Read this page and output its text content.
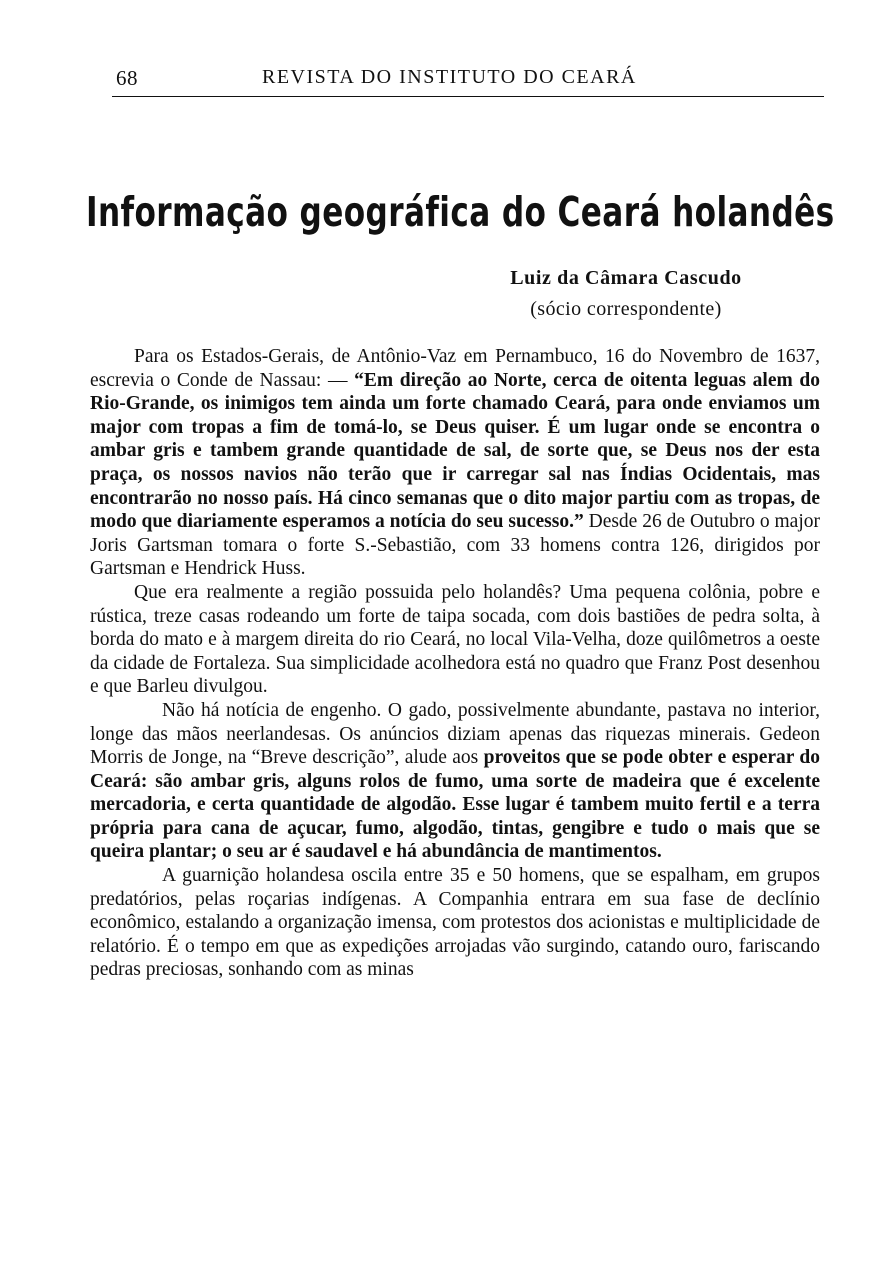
68	REVISTA DO INSTITUTO DO CEARÁ
Informação geográfica do Ceará holandês
Luiz da Câmara Cascudo
(sócio correspondente)

Para os Estados-Gerais, de Antônio-Vaz em Pernambuco, 16 do Novembro de 1637, escrevia o Conde de Nassau: — “Em direção ao Norte, cerca de oitenta leguas alem do Rio-Grande, os inimigos tem ainda um forte chamado Ceará, para onde enviamos um major com tropas a fim de tomá-lo, se Deus quiser. É um lugar onde se encontra o ambar gris e tambem grande quantidade de sal, de sorte que, se Deus nos der esta praça, os nossos navios não terão que ir carregar sal nas Índias Ocidentais, mas encontrarão no nosso país. Há cinco semanas que o dito major partiu com as tropas, de modo que diariamente esperamos a notícia do seu sucesso.” Desde 26 de Outubro o major Joris Gartsman tomara o forte S.-Sebastião, com 33 homens contra 126, dirigidos por Gartsman e Hendrick Huss.

Que era realmente a região possuida pelo holandês? Uma pequena colônia, pobre e rústica, treze casas rodeando um forte de taipa socada, com dois bastiões de pedra solta, à borda do mato e à margem direita do rio Ceará, no local Vila-Velha, doze quilômetros a oeste da cidade de Fortaleza. Sua simplicidade acolhedora está no quadro que Franz Post desenhou e que Barleu divulgou.

Não há notícia de engenho. O gado, possivelmente abundante, pastava no interior, longe das mãos neerlandesas. Os anúncios diziam apenas das riquezas minerais. Gedeon Morris de Jonge, na “Breve descrição”, alude aos proveitos que se pode obter e esperar do Ceará: são ambar gris, alguns rolos de fumo, uma sorte de madeira que é excelente mercadoria, e certa quantidade de algodão. Esse lugar é tambem muito fertil e a terra própria para cana de açucar, fumo, algodão, tintas, gengibre e tudo o mais que se queira plantar; o seu ar é saudavel e há abundância de mantimentos.

A guarnição holandesa oscila entre 35 e 50 homens, que se espalham, em grupos predatórios, pelas roçarias indígenas. A Companhia entrara em sua fase de declínio econômico, estalando a organização imensa, com protestos dos acionistas e multiplicidade de relatório. É o tempo em que as expedições arrojadas vão surgindo, catando ouro, fariscando pedras preciosas, sonhando com as minas
